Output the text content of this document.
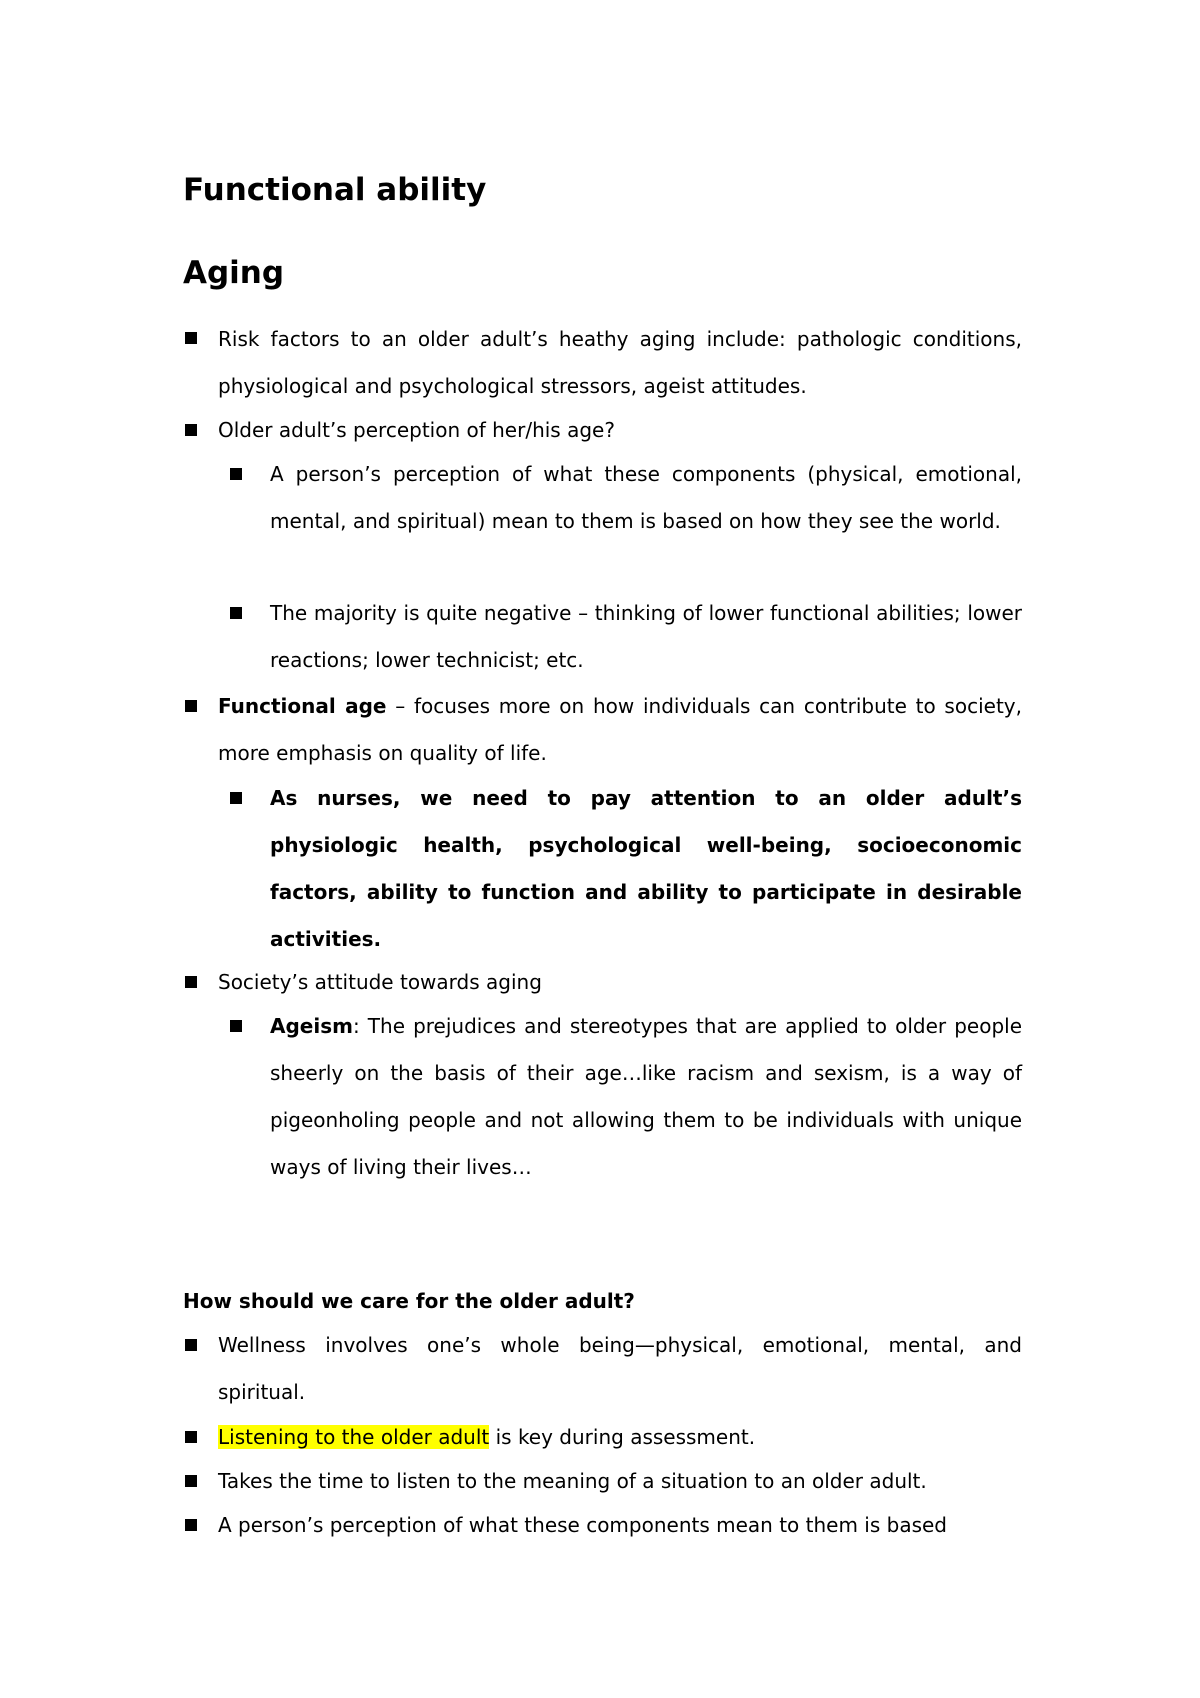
Functional ability
Aging
Risk factors to an older adult’s heathy aging include: pathologic conditions, physiological and psychological stressors, ageist attitudes.
Older adult’s perception of her/his age?
A person’s perception of what these components (physical, emotional, mental, and spiritual) mean to them is based on how they see the world.
The majority is quite negative – thinking of lower functional abilities; lower reactions; lower technicist; etc.
Functional age – focuses more on how individuals can contribute to society, more emphasis on quality of life.
As nurses, we need to pay attention to an older adult’s physiologic health, psychological well-being, socioeconomic factors, ability to function and ability to participate in desirable activities.
Society’s attitude towards aging
Ageism: The prejudices and stereotypes that are applied to older people sheerly on the basis of their age…like racism and sexism, is a way of pigeonholing people and not allowing them to be individuals with unique ways of living their lives…
How should we care for the older adult?
Wellness involves one’s whole being—physical, emotional, mental, and spiritual.
Listening to the older adult is key during assessment.
Takes the time to listen to the meaning of a situation to an older adult.
A person’s perception of what these components mean to them is based
